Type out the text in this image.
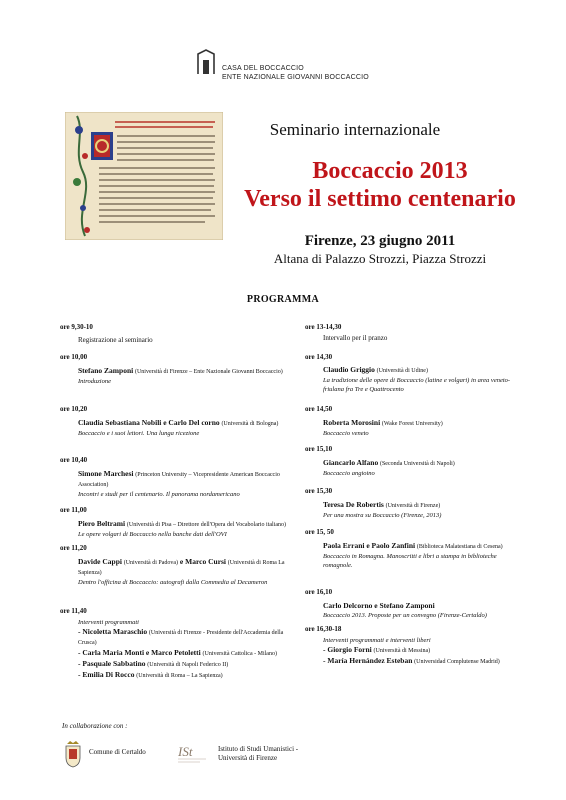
CASA DEL BOCCACCIO
ENTE NAZIONALE GIOVANNI BOCCACCIO
Seminario internazionale
Boccaccio 2013
Verso il settimo centenario
Firenze, 23 giugno 2011
Altana di Palazzo Strozzi, Piazza Strozzi
PROGRAMMA
ore 9,30-10
Registrazione al seminario
ore 10,00
Stefano Zamponi (Università di Firenze – Ente Nazionale Giovanni Boccaccio)
Introduzione
ore 10,20
Claudia Sebastiana Nobili e Carlo Del corno (Università di Bologna)
Boccaccio e i suoi lettori. Una lunga ricezione
ore 10,40
Simone Marchesi (Princeton University – Vicepresidente American Boccaccio Association)
Incontri e studi per il centenario. Il panorama nordamericano
ore 11,00
Piero Beltrami (Università di Pisa – Direttore dell'Opera del Vocabolario italiano)
Le opere volgari di Boccaccio nella banche dati dell'OVI
ore 11,20
Davide Cappi (Università di Padova) e Marco Cursi (Università di Roma La Sapienza)
Dentro l'officina di Boccaccio: autografi dalla Commedia al Decameron
ore 11,40
Interventi programmati
- Nicoletta Maraschio (Università di Firenze - Presidente dell'Accademia della Crusca)
- Carla Maria Monti e Marco Petoletti (Università Cattolica - Milano)
- Pasquale Sabbatino (Università di Napoli Federico II)
- Emilia Di Rocco (Università di Roma – La Sapienza)
ore 13-14,30
Intervallo per il pranzo
ore 14,30
Claudio Griggio (Università di Udine)
La tradizione delle opere di Boccaccio (latine e volgari) in area veneto-friulana fra Tre e Quattrocento
ore 14,50
Roberta Morosini (Wake Forest University)
Boccaccio veneto
ore 15,10
Giancarlo Alfano (Seconda Università di Napoli)
Boccaccio angioino
ore 15,30
Teresa De Robertis (Università di Firenze)
Per una mostra su Boccaccio (Firenze, 2013)
ore 15, 50
Paola Errani e Paolo Zanfini (Biblioteca Malatestiana di Cesena)
Boccaccio in Romagna. Manoscritti e libri a stampa in biblioteche romagnole.
ore 16,10
Carlo Delcorno e Stefano Zamponi
Boccaccio 2013. Proposte per un convegno (Firenze-Certaldo)
ore 16,30-18
Interventi programmati e interventi liberi
- Giorgio Forni (Università di Messina)
- María Hernández Esteban (Universidad Complutense Madrid)
In collaborazione con :
Comune di Certaldo ISt	Istituto di Studi Umanistici -
Università di Firenze
